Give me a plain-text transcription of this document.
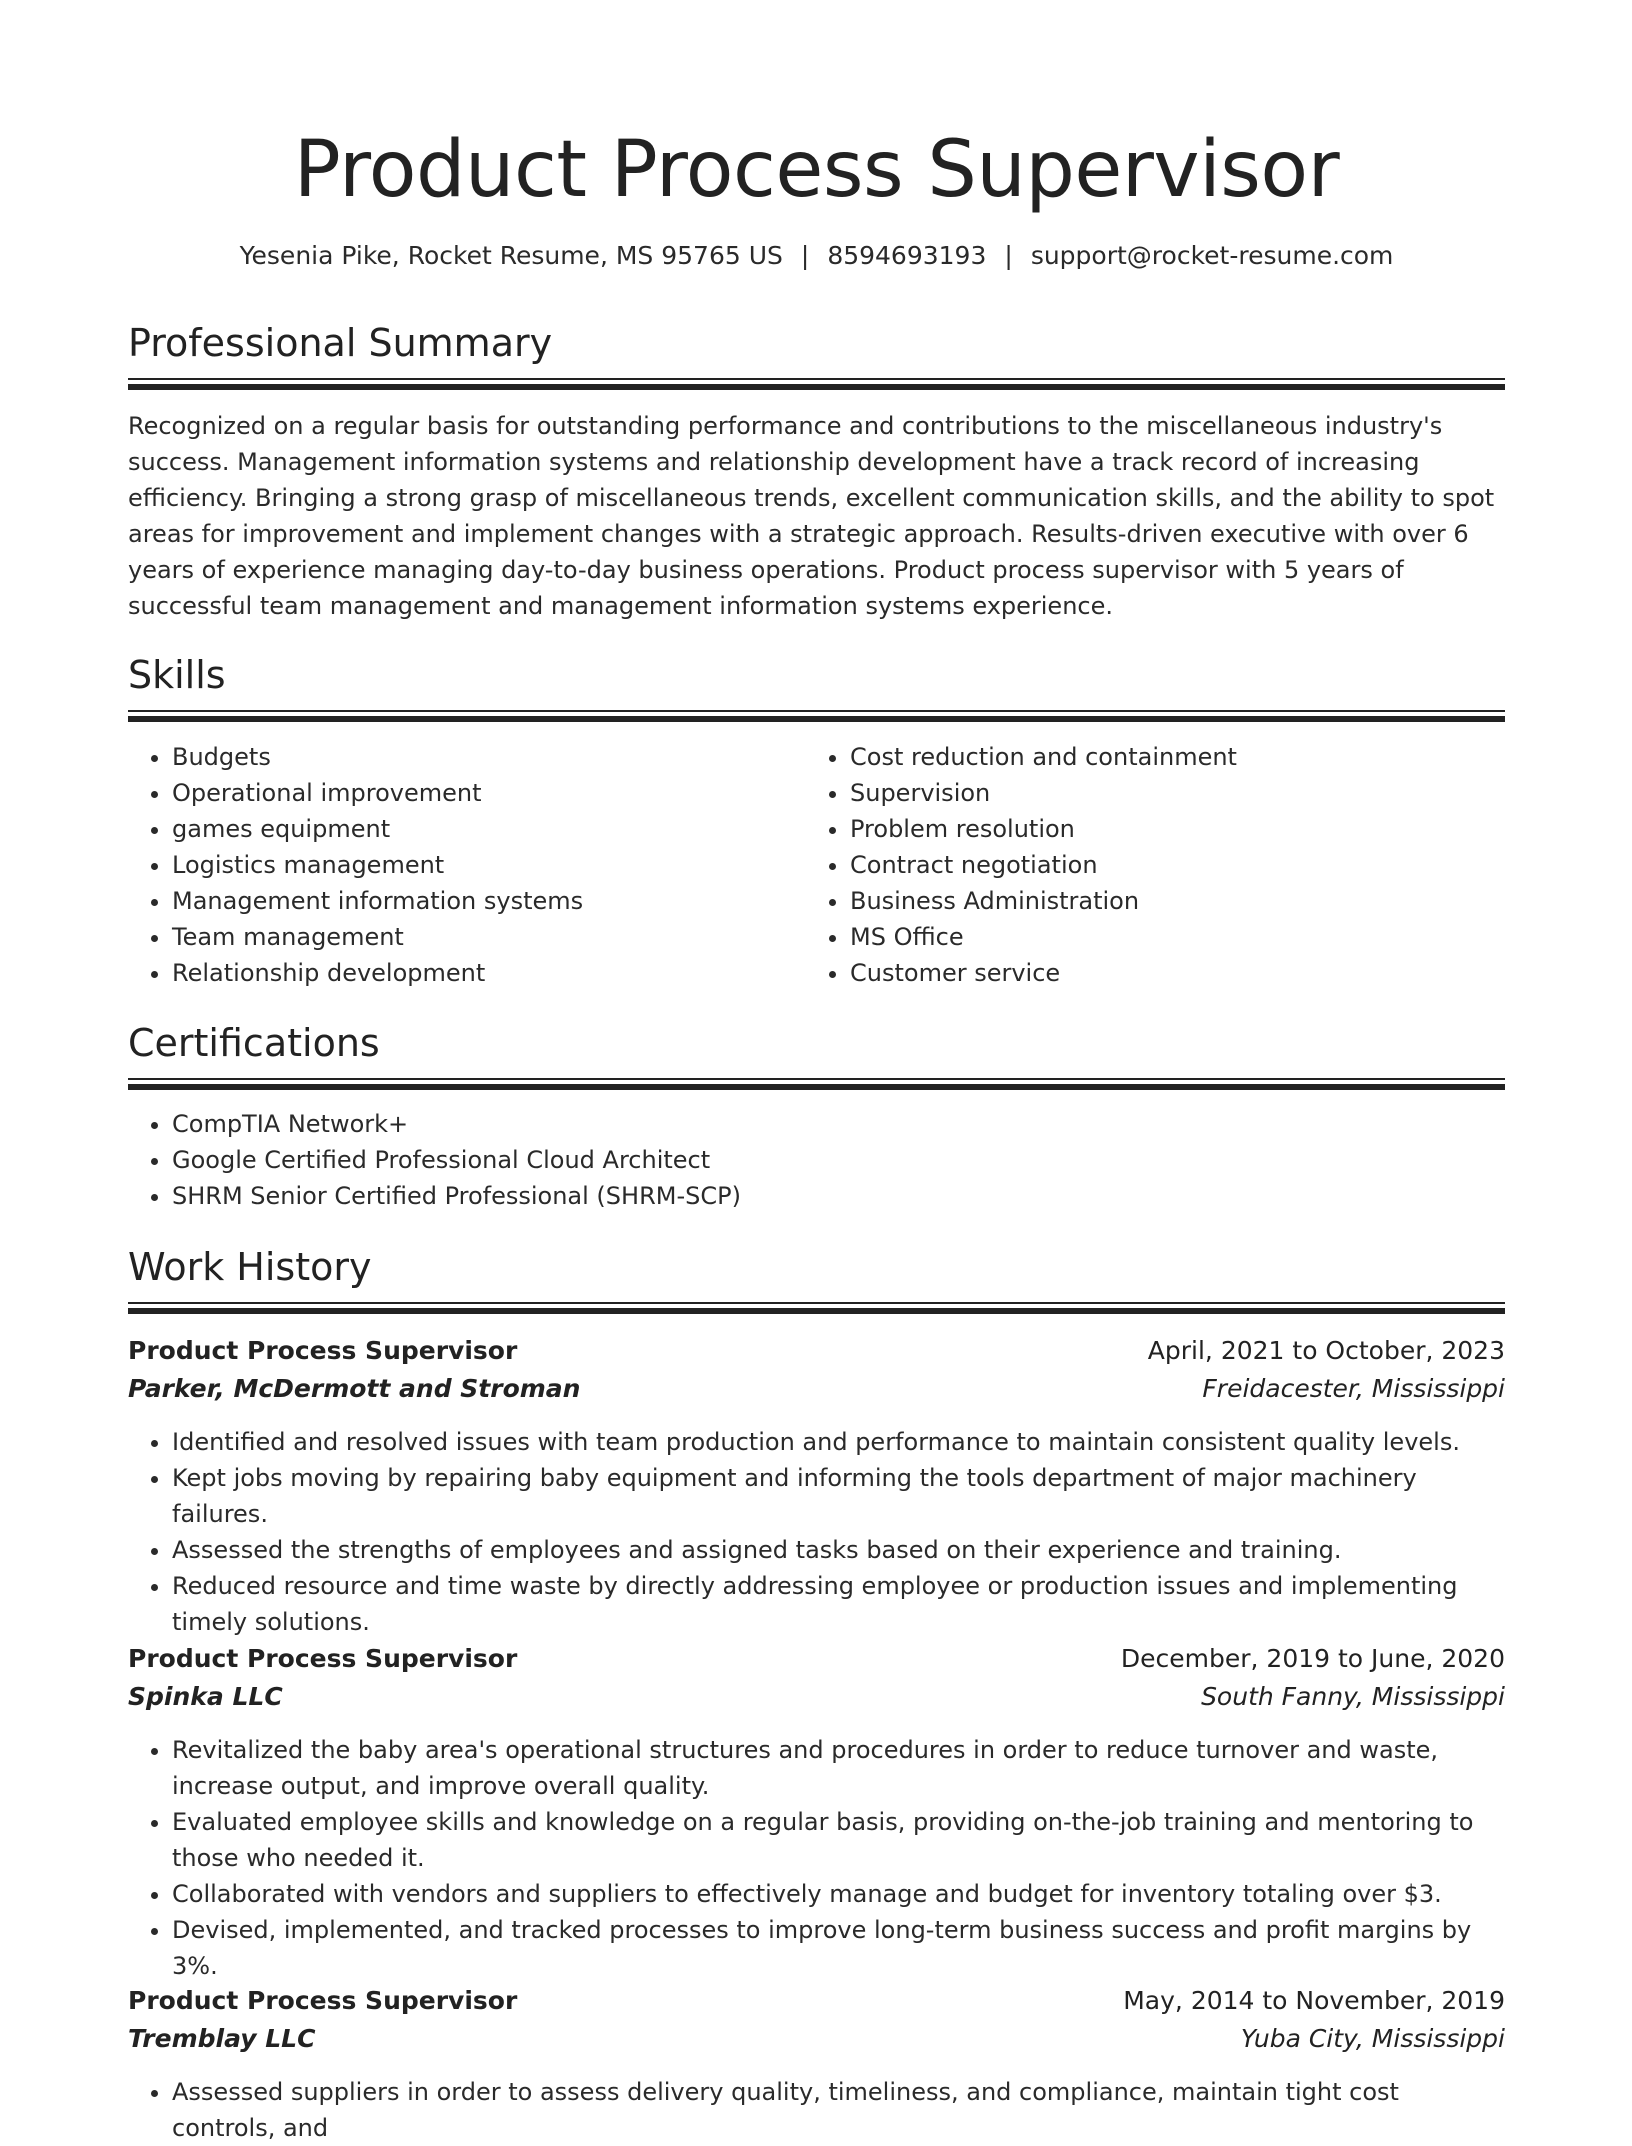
Product Process Supervisor
Yesenia Pike, Rocket Resume, MS 95765 US | 8594693193 | support@rocket-resume.com
Professional Summary

Recognized on a regular basis for outstanding performance and contributions to the miscellaneous industry's success. Management information systems and relationship development have a track record of increasing efficiency. Bringing a strong grasp of miscellaneous trends, excellent communication skills, and the ability to spot areas for improvement and implement changes with a strategic approach. Results-driven executive with over 6 years of experience managing day-to-day business operations. Product process supervisor with 5 years of successful team management and management information systems experience.

Skills
• Budgets
• Operational improvement
• games equipment
• Logistics management
• Management information systems
• Team management
• Relationship development
• Cost reduction and containment
• Supervision
• Problem resolution
• Contract negotiation
• Business Administration
• MS Office
• Customer service
Certifications
• CompTIA Network+
• Google Certified Professional Cloud Architect
• SHRM Senior Certified Professional (SHRM-SCP)
Work History
Product Process Supervisor	April, 2021 to October, 2023
Parker, McDermott and Stroman	Freidacester, Mississippi
• Identified and resolved issues with team production and performance to maintain consistent quality levels.
• Kept jobs moving by repairing baby equipment and informing the tools department of major machinery failures.
• Assessed the strengths of employees and assigned tasks based on their experience and training.
• Reduced resource and time waste by directly addressing employee or production issues and implementing timely solutions.
Product Process Supervisor	December, 2019 to June, 2020
Spinka LLC	South Fanny, Mississippi
• Revitalized the baby area's operational structures and procedures in order to reduce turnover and waste, increase output, and improve overall quality.
• Evaluated employee skills and knowledge on a regular basis, providing on-the-job training and mentoring to those who needed it.
• Collaborated with vendors and suppliers to effectively manage and budget for inventory totaling over $3.
• Devised, implemented, and tracked processes to improve long-term business success and profit margins by 3%.
Product Process Supervisor	May, 2014 to November, 2019
Tremblay LLC	Yuba City, Mississippi
• Assessed suppliers in order to assess delivery quality, timeliness, and compliance, maintain tight cost controls, and
